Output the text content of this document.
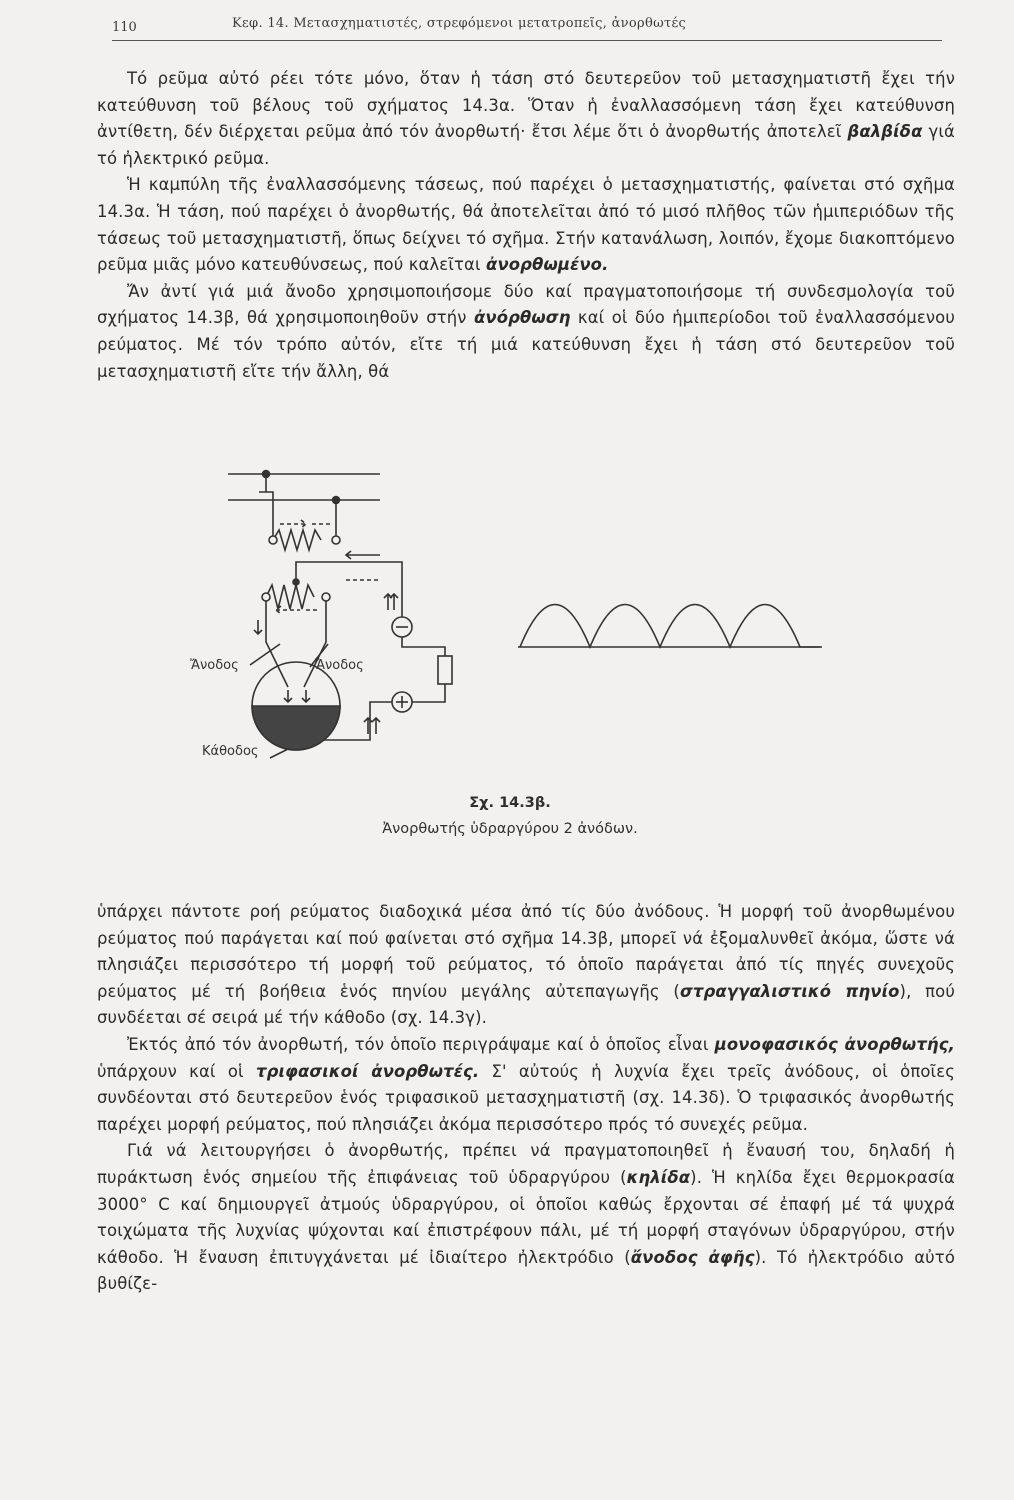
110	Κεφ. 14. Μετασχηματιστές, στρεφόμενοι μετατροπεῖς, ἀνορθωτές

Τό ρεῦμα αὐτό ρέει τότε μόνο, ὅταν ἡ τάση στό δευτερεῦον τοῦ μετασχηματιστῆ ἔχει τήν κατεύθυνση τοῦ βέλους τοῦ σχήματος 14.3α. Ὅταν ἡ ἐναλλασσόμενη τάση ἔχει κατεύθυνση ἀντίθετη, δέν διέρχεται ρεῦμα ἀπό τόν ἀνορθωτή· ἔτσι λέμε ὅτι ὁ ἀνορθωτής ἀποτελεῖ βαλβίδα γιά τό ἠλεκτρικό ρεῦμα.

Ἡ καμπύλη τῆς ἐναλλασσόμενης τάσεως, πού παρέχει ὁ μετασχηματιστής, φαίνεται στό σχῆμα 14.3α. Ἡ τάση, πού παρέχει ὁ ἀνορθωτής, θά ἀποτελεῖται ἀπό τό μισό πλῆθος τῶν ἡμιπεριόδων τῆς τάσεως τοῦ μετασχηματιστῆ, ὅπως δείχνει τό σχῆμα. Στήν κατανάλωση, λοιπόν, ἔχομε διακοπτόμενο ρεῦμα μιᾶς μόνο κατευθύνσεως, πού καλεῖται ἀνορθωμένο.

Ἄν ἀντί γιά μιά ἄνοδο χρησιμοποιήσομε δύο καί πραγματοποιήσομε τή συνδεσμολογία τοῦ σχήματος 14.3β, θά χρησιμοποιηθοῦν στήν ἀνόρθωση καί οἱ δύο ἡμιπερίοδοι τοῦ ἐναλλασσόμενου ρεύματος. Μέ τόν τρόπο αὐτόν, εἴτε τή μιά κατεύθυνση ἔχει ἡ τάση στό δευτερεῦον τοῦ μετασχηματιστῆ εἴτε τήν ἄλλη, θά

Ἄνοδος	Ἄνοδος
Κάθοδος
Σχ. 14.3β.
Ἀνορθωτής ὑδραργύρου 2 ἀνόδων.

ὑπάρχει πάντοτε ροή ρεύματος διαδοχικά μέσα ἀπό τίς δύο ἀνόδους. Ἡ μορφή τοῦ ἀνορθωμένου ρεύματος πού παράγεται καί πού φαίνεται στό σχῆμα 14.3β, μπορεῖ νά ἐξομαλυνθεῖ ἀκόμα, ὥστε νά πλησιάζει περισσότερο τή μορφή τοῦ ρεύματος, τό ὁποῖο παράγεται ἀπό τίς πηγές συνεχοῦς ρεύματος μέ τή βοήθεια ἑνός πηνίου μεγάλης αὐτεπαγωγῆς (στραγγαλιστικό πηνίο), πού συνδέεται σέ σειρά μέ τήν κάθοδο (σχ. 14.3γ).

Ἐκτός ἀπό τόν ἀνορθωτή, τόν ὁποῖο περιγράψαμε καί ὁ ὁποῖος εἶναι μονοφασικός ἀνορθωτής, ὑπάρχουν καί οἱ τριφασικοί ἀνορθωτές. Σ' αὐτούς ἡ λυχνία ἔχει τρεῖς ἀνόδους, οἱ ὁποῖες συνδέονται στό δευτερεῦον ἑνός τριφασικοῦ μετασχηματιστῆ (σχ. 14.3δ). Ὁ τριφασικός ἀνορθωτής παρέχει μορφή ρεύματος, πού πλησιάζει ἀκόμα περισσότερο πρός τό συνεχές ρεῦμα.

Γιά νά λειτουργήσει ὁ ἀνορθωτής, πρέπει νά πραγματοποιηθεῖ ἡ ἔναυσή του, δηλαδή ἡ πυράκτωση ἑνός σημείου τῆς ἐπιφάνειας τοῦ ὑδραργύρου (κηλίδα). Ἡ κηλίδα ἔχει θερμοκρασία 3000° C καί δημιουργεῖ ἀτμούς ὑδραργύρου, οἱ ὁποῖοι καθώς ἔρχονται σέ ἐπαφή μέ τά ψυχρά τοιχώματα τῆς λυχνίας ψύχονται καί ἐπιστρέφουν πάλι, μέ τή μορφή σταγόνων ὑδραργύρου, στήν κάθοδο. Ἡ ἔναυση ἐπιτυγχάνεται μέ ἰδιαίτερο ἠλεκτρόδιο (ἄνοδος ἀφῆς). Τό ἠλεκτρόδιο αὐτό βυθίζε-
